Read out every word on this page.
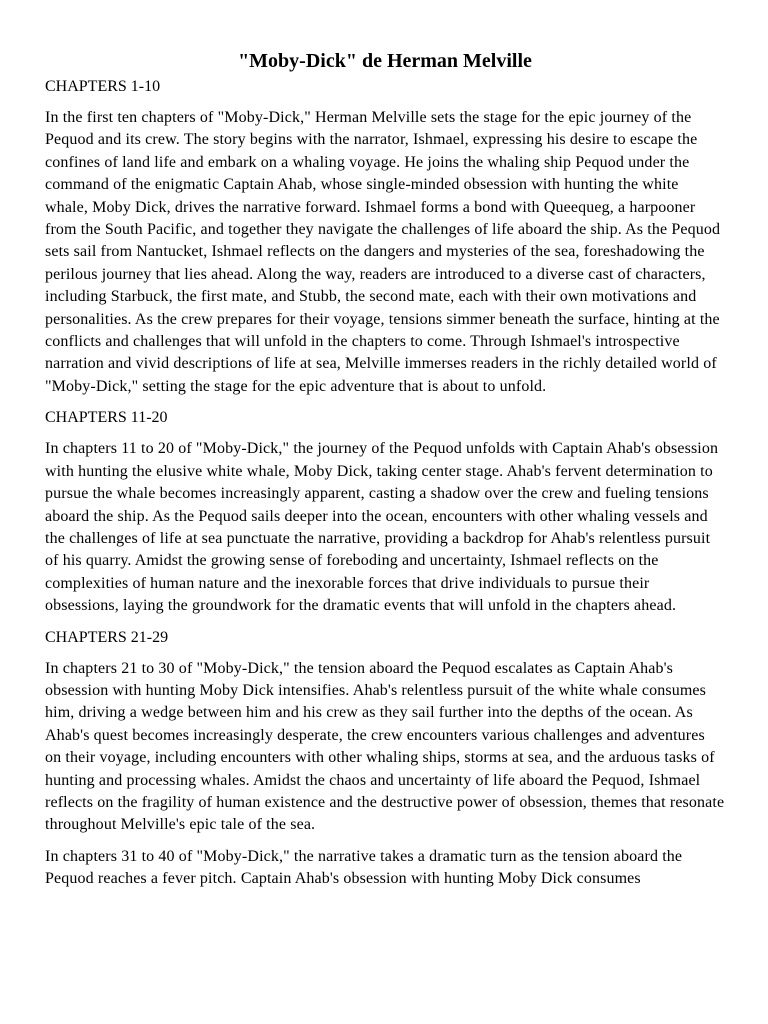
"Moby-Dick" de Herman Melville
CHAPTERS 1-10

In the first ten chapters of "Moby-Dick," Herman Melville sets the stage for the epic journey of the Pequod and its crew. The story begins with the narrator, Ishmael, expressing his desire to escape the confines of land life and embark on a whaling voyage. He joins the whaling ship Pequod under the command of the enigmatic Captain Ahab, whose single-minded obsession with hunting the white whale, Moby Dick, drives the narrative forward. Ishmael forms a bond with Queequeg, a harpooner from the South Pacific, and together they navigate the challenges of life aboard the ship. As the Pequod sets sail from Nantucket, Ishmael reflects on the dangers and mysteries of the sea, foreshadowing the perilous journey that lies ahead. Along the way, readers are introduced to a diverse cast of characters, including Starbuck, the first mate, and Stubb, the second mate, each with their own motivations and personalities. As the crew prepares for their voyage, tensions simmer beneath the surface, hinting at the conflicts and challenges that will unfold in the chapters to come. Through Ishmael's introspective narration and vivid descriptions of life at sea, Melville immerses readers in the richly detailed world of "Moby-Dick," setting the stage for the epic adventure that is about to unfold.

CHAPTERS 11-20

In chapters 11 to 20 of "Moby-Dick," the journey of the Pequod unfolds with Captain Ahab's obsession with hunting the elusive white whale, Moby Dick, taking center stage. Ahab's fervent determination to pursue the whale becomes increasingly apparent, casting a shadow over the crew and fueling tensions aboard the ship. As the Pequod sails deeper into the ocean, encounters with other whaling vessels and the challenges of life at sea punctuate the narrative, providing a backdrop for Ahab's relentless pursuit of his quarry. Amidst the growing sense of foreboding and uncertainty, Ishmael reflects on the complexities of human nature and the inexorable forces that drive individuals to pursue their obsessions, laying the groundwork for the dramatic events that will unfold in the chapters ahead.

CHAPTERS 21-29

In chapters 21 to 30 of "Moby-Dick," the tension aboard the Pequod escalates as Captain Ahab's obsession with hunting Moby Dick intensifies. Ahab's relentless pursuit of the white whale consumes him, driving a wedge between him and his crew as they sail further into the depths of the ocean. As Ahab's quest becomes increasingly desperate, the crew encounters various challenges and adventures on their voyage, including encounters with other whaling ships, storms at sea, and the arduous tasks of hunting and processing whales. Amidst the chaos and uncertainty of life aboard the Pequod, Ishmael reflects on the fragility of human existence and the destructive power of obsession, themes that resonate throughout Melville's epic tale of the sea.

In chapters 31 to 40 of "Moby-Dick," the narrative takes a dramatic turn as the tension aboard the Pequod reaches a fever pitch. Captain Ahab's obsession with hunting Moby Dick consumes
